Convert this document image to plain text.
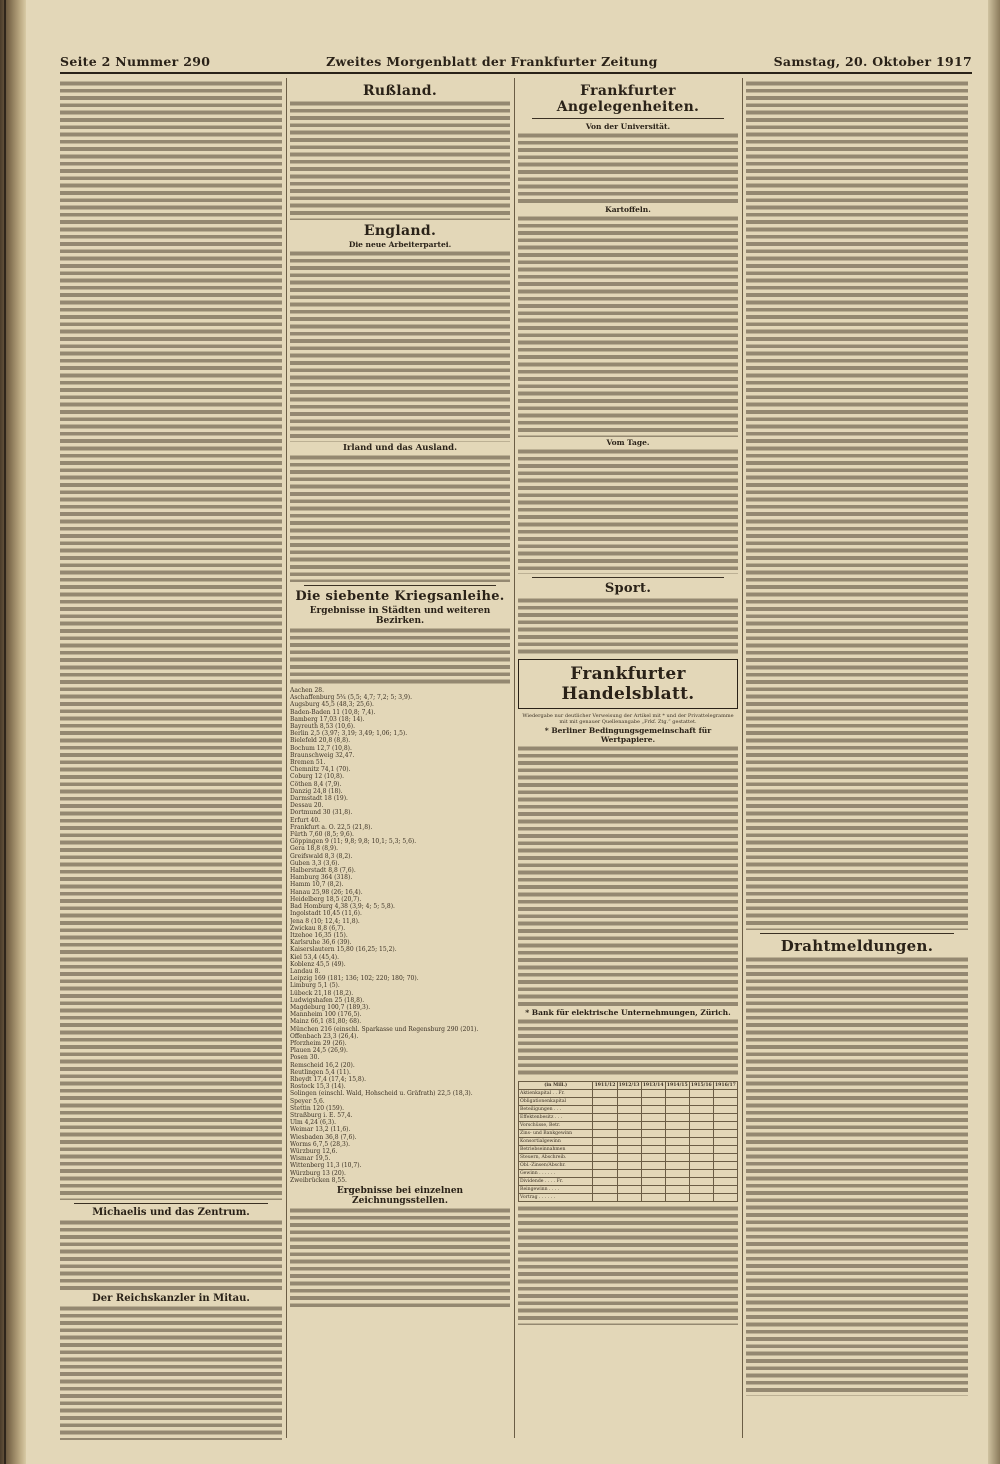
Seite 2 Nummer 290	Zweites Morgenblatt der Frankfurter Zeitung	Samstag, 20. Oktober 1917
Michaelis und das Zentrum.
Der Reichskanzler in Mitau.
Rußland.
England.
Die neue Arbeiterpartei.
Irland und das Ausland.
Die siebente Kriegsanleihe.
Ergebnisse in Städten und weiteren Bezirken.
Aachen 28.
Aschaffenburg 5¾ (5,5; 4,7; 7,2; 5; 3,9).
Augsburg 45,5 (48,3; 25,6).
Baden-Baden 11 (10,8; 7,4).
Bamberg 17,03 (18; 14).
Bayreuth 8,53 (10,6).
Berlin 2,5 (3,97; 3,19; 3,49; 1,06; 1,5).
Bielefeld 20,8 (8,8).
Bochum 12,7 (10,8).
Braunschweig 32,47.
Bremen 51.
Chemnitz 74,1 (70).
Coburg 12 (10,8).
Cöthen 8,4 (7,9).
Danzig 24,8 (18).
Darmstadt 18 (19).
Dessau 20.
Dortmund 30 (31,8).
Erfurt 40.
Frankfurt a. O. 22,5 (21,8).
Fürth 7,60 (8,5; 9,6).
Göppingen 9 (11; 9,8; 9,8; 10,1; 5,3; 5,6).
Gera 18,8 (8,9).
Greifswald 8,3 (8,2).
Guben 3,3 (3,6).
Halberstadt 8,8 (7,6).
Hamburg 364 (318).
Hamm 10,7 (8,2).
Hanau 25,98 (26; 16,4).
Heidelberg 18,5 (20,7).
Bad Homburg 4,38 (3,9; 4; 5; 5,8).
Ingolstadt 10,45 (11,6).
Jena 8 (10; 12,4; 11,8).
Zwickau 8,8 (6,7).
Itzehoe 16,35 (15).
Karlsruhe 36,6 (39).
Kaiserslautern 15,80 (16,25; 15,2).
Kiel 53,4 (45,4).
Koblenz 45,5 (49).
Landau 8.
Leipzig 169 (181; 136; 102; 220; 180; 70).
Limburg 5,1 (5).
Lübeck 21,18 (18,2).
Ludwigshafen 25 (18,8).
Magdeburg 100,7 (189,3).
Mannheim 100 (176,5).
Mainz 66,1 (81,80; 68).
München 216 (einschl. Sparkasse und Regensburg 290 (201).
Offenbach 23,3 (26,4).
Pforzheim 29 (26).
Plauen 24,5 (26,9).
Posen 30.
Remscheid 16,2 (20).
Reutlingen 5,4 (11).
Rheydt 17,4 (17,4; 15,8).
Rostock 15,3 (14).
Solingen (einschl. Wald, Hohscheid u. Gräfrath) 22,5 (18,3).
Speyer 5,6.
Stettin 120 (159).
Straßburg i. E. 57,4.
Ulm 4,24 (6,3).
Weimar 13,2 (11,6).
Wiesbaden 36,8 (7,6).
Worms 6,7,5 (28,3).
Würzburg 12,6.
Wismar 19,5.
Wittenberg 11,3 (10,7).
Würzburg 13 (20).
Zweibrücken 8,55.
Ergebnisse bei einzelnen Zeichnungsstellen.
Frankfurter Angelegenheiten.
Von der Universität.
Kartoffeln.
Vom Tage.
Sport.
Frankfurter Handelsblatt.
Wiedergabe nur deutlicher Verweisung der Artikel mit * und der Privattelegramme mit mit genauer Quellenangabe „Frkf. Ztg.“ gestattet.
* Berliner Bedingungsgemeinschaft für Wertpapiere.
* Bank für elektrische Unternehmungen, Zürich.
(in Mill.)	1911/12	1912/13	1913/14	1914/15	1915/16	1916/17
Aktienkapital . . Fr.						
Obligationenkapital						
Beteiligungen . . .						
Effektenbesitz . . .						
Vorschüsse, Betr.						
Zins- und Bankgewinn						
Konsortialgewinn						
Betriebseinnahmen						
Steuern, Abschreib.						
Obl.-Zinsen/Abschr.						
Gewinn . . . . . .						
Dividende . . . . Fr.						
Reingewinn . . . .						
Vortrag . . . . . .						
Drahtmeldungen.
